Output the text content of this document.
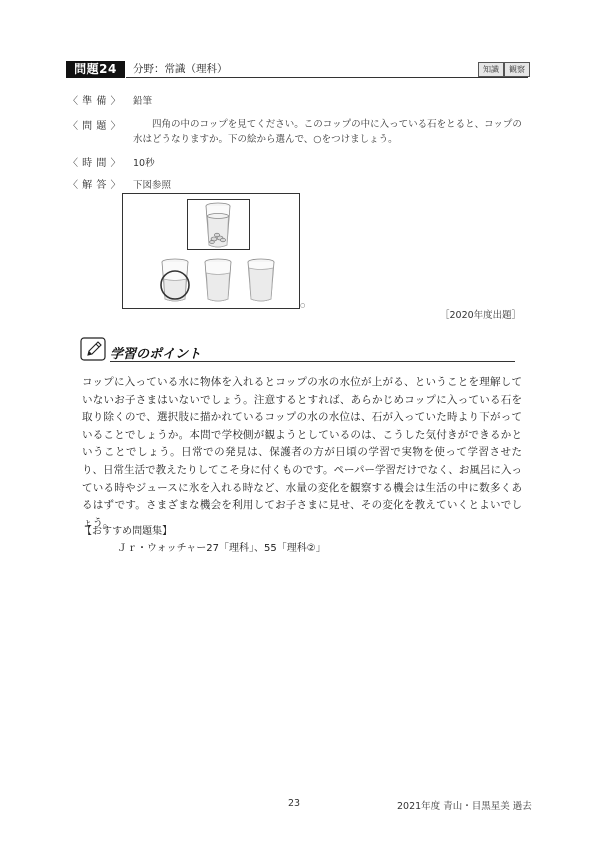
問題24	分野：常識（理科）	知識	観察
〈 準 備 〉	鉛筆
〈 問 題 〉	四角の中のコップを見てください。このコップの中に入っている石をとると、コップの水はどうなりますか。下の絵から選んで、○をつけましょう。
〈 時 間 〉	10秒
〈 解 答 〉	下図参照
○
［2020年度出題］
学習のポイント
コップに入っている水に物体を入れるとコップの水の水位が上がる、ということを理解していないお子さまはいないでしょう。注意するとすれば、あらかじめコップに入っている石を取り除くので、選択肢に描かれているコップの水の水位は、石が入っていた時より下がっていることでしょうか。本問で学校側が観ようとしているのは、こうした気付きができるかということでしょう。日常での発見は、保護者の方が日頃の学習で実物を使って学習させたり、日常生活で教えたりしてこそ身に付くものです。ペーパー学習だけでなく、お風呂に入っている時やジュースに氷を入れる時など、水量の変化を観察する機会は生活の中に数多くあるはずです。さまざまな機会を利用してお子さまに見せ、その変化を教えていくとよいでしょう。
【おすすめ問題集】
Ｊｒ・ウォッチャー27「理科」、55「理科②」
23	2021年度 青山・目黒星美 過去
